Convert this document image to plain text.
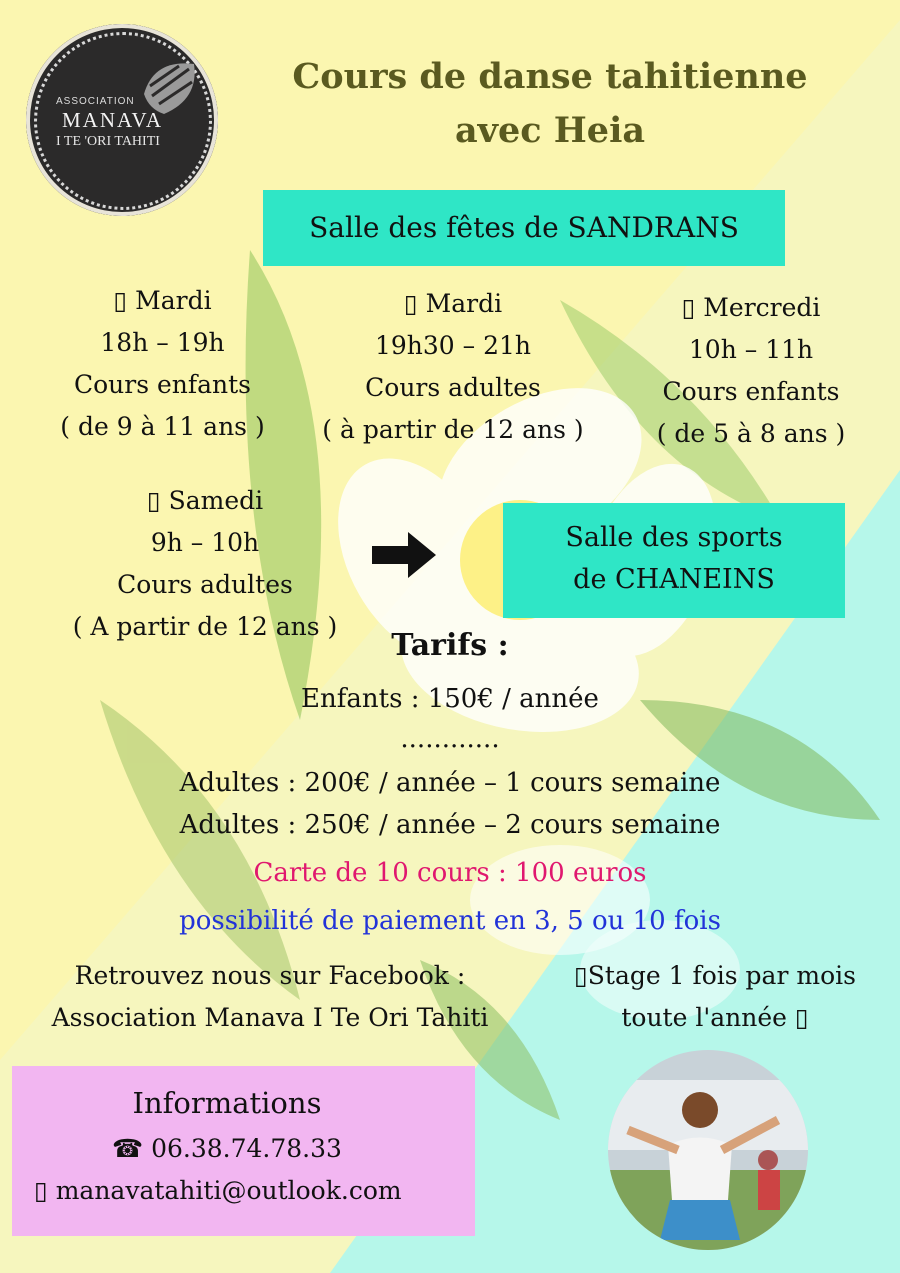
ASSOCIATION
MANAVA
I TE 'ORI TAHITI
Cours de danse tahitienne
avec Heia
Salle des fêtes de SANDRANS
▯ Mardi
18h – 19h
Cours enfants
( de 9 à 11 ans )
▯ Mardi
19h30 – 21h
Cours adultes
( à partir de 12 ans )
▯ Mercredi
10h – 11h
Cours enfants
( de 5 à 8 ans )
▯ Samedi
9h – 10h
Cours adultes
( A partir de 12 ans )
Salle des sports
de CHANEINS
Tarifs :
Enfants : 150€ / année
............
Adultes : 200€ / année – 1 cours semaine
Adultes : 250€ / année – 2 cours semaine
Carte de 10 cours : 100 euros
possibilité de paiement en 3, 5 ou 10 fois
Retrouvez nous sur Facebook :
Association Manava I Te Ori Tahiti
▯Stage 1 fois par mois
toute l'année ▯
Informations
☎ 06.38.74.78.33
▯ manavatahiti@outlook.com
